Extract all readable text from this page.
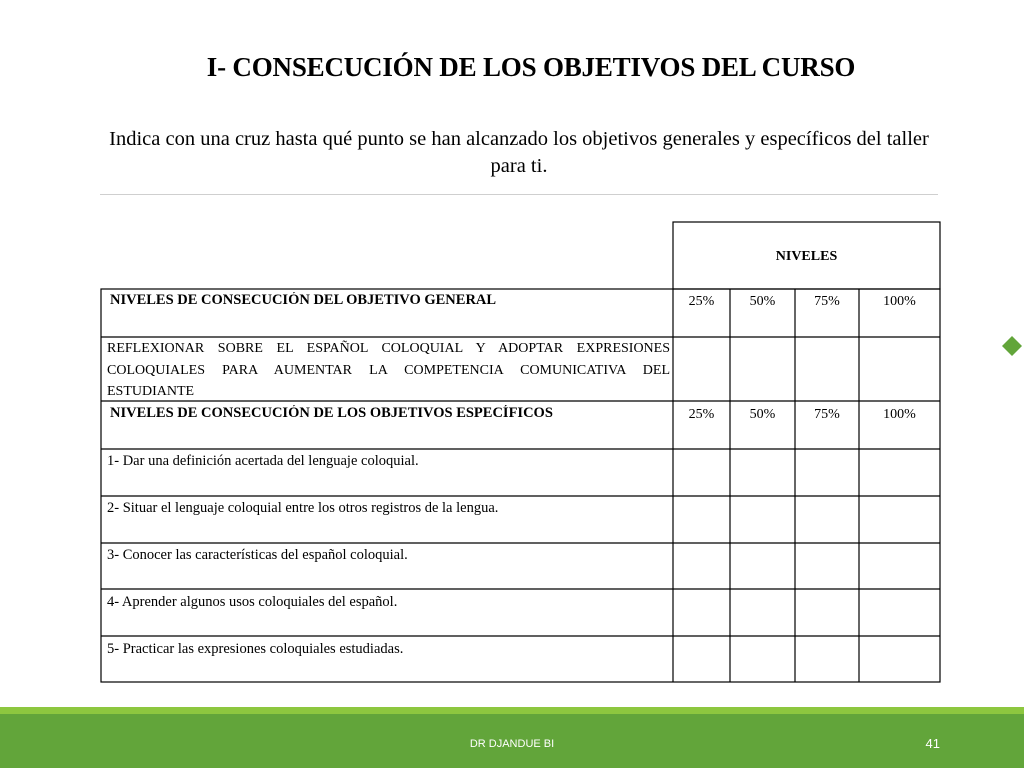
I- CONSECUCIÓN DE LOS OBJETIVOS DEL CURSO
Indica con una cruz hasta qué punto se han alcanzado los objetivos generales y específicos del taller para ti.
NIVELES
NIVELES DE CONSECUCIÓN DEL OBJETIVO GENERAL	25%	50%	75%	100%
REFLEXIONAR SOBRE EL ESPAÑOL COLOQUIAL Y ADOPTAR EXPRESIONES COLOQUIALES PARA AUMENTAR LA COMPETENCIA COMUNICATIVA DEL ESTUDIANTE
NIVELES DE CONSECUCIÓN DE LOS OBJETIVOS ESPECÍFICOS	25%	50%	75%	100%
1- Dar una definición acertada del lenguaje coloquial.
2- Situar el lenguaje coloquial entre los otros registros de la lengua.
3- Conocer las características del español coloquial.
4- Aprender algunos usos coloquiales del español.
5- Practicar las expresiones coloquiales estudiadas.
DR DJANDUE BI	41
